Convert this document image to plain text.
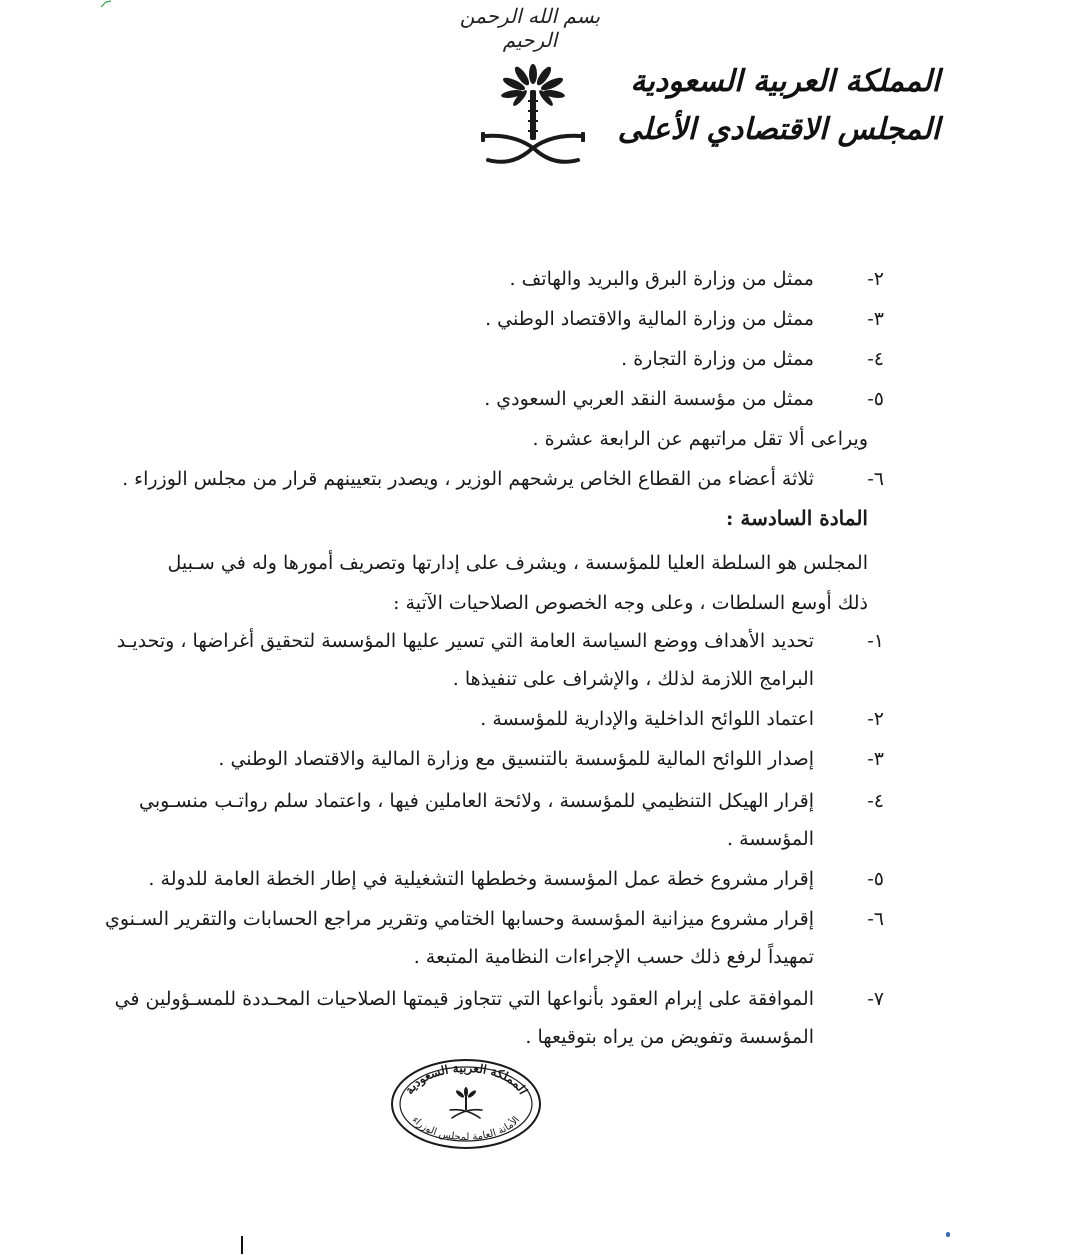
بسم الله الرحمن الرحيم
المملكة العربية السعودية
المجلس الاقتصادي الأعلى
٢-
ممثل من وزارة البرق والبريد والهاتف .
٣-
ممثل من وزارة المالية والاقتصاد الوطني .
٤-
ممثل من وزارة التجارة .
٥-
ممثل من مؤسسة النقد العربي السعودي .
ويراعى ألا تقل مراتبهم عن الرابعة عشرة .
٦-
ثلاثة أعضاء من القطاع الخاص يرشحهم الوزير ، ويصدر بتعيينهم قرار من مجلس الوزراء .
المادة السادسة :
المجلس هو السلطة العليا للمؤسسة ، ويشرف على إدارتها وتصريف أمورها وله في سـبيل
ذلك أوسع السلطات ، وعلى وجه الخصوص الصلاحيات الآتية :
١-
تحديد الأهداف ووضع السياسة العامة التي تسير عليها المؤسسة لتحقيق أغراضها ، وتحديـد
البرامج اللازمة لذلك ، والإشراف على تنفيذها .
٢-
اعتماد اللوائح الداخلية والإدارية للمؤسسة .
٣-
إصدار اللوائح المالية للمؤسسة بالتنسيق مع وزارة المالية والاقتصاد الوطني .
٤-
إقرار الهيكل التنظيمي للمؤسسة ، ولائحة العاملين فيها ، واعتماد سلم رواتـب منسـوبي
المؤسسة .
٥-
إقرار مشروع خطة عمل المؤسسة وخططها التشغيلية في إطار الخطة العامة للدولة .
٦-
إقرار مشروع ميزانية المؤسسة وحسابها الختامي وتقرير مراجع الحسابات والتقرير السـنوي
تمهيداً لرفع ذلك حسب الإجراءات النظامية المتبعة .
٧-
الموافقة على إبرام العقود بأنواعها التي تتجاوز قيمتها الصلاحيات المحـددة للمسـؤولين في
المؤسسة وتفويض من يراه بتوقيعها .
المملكة العربية السعودية
الأمانة العامة لمجلس الوزراء
